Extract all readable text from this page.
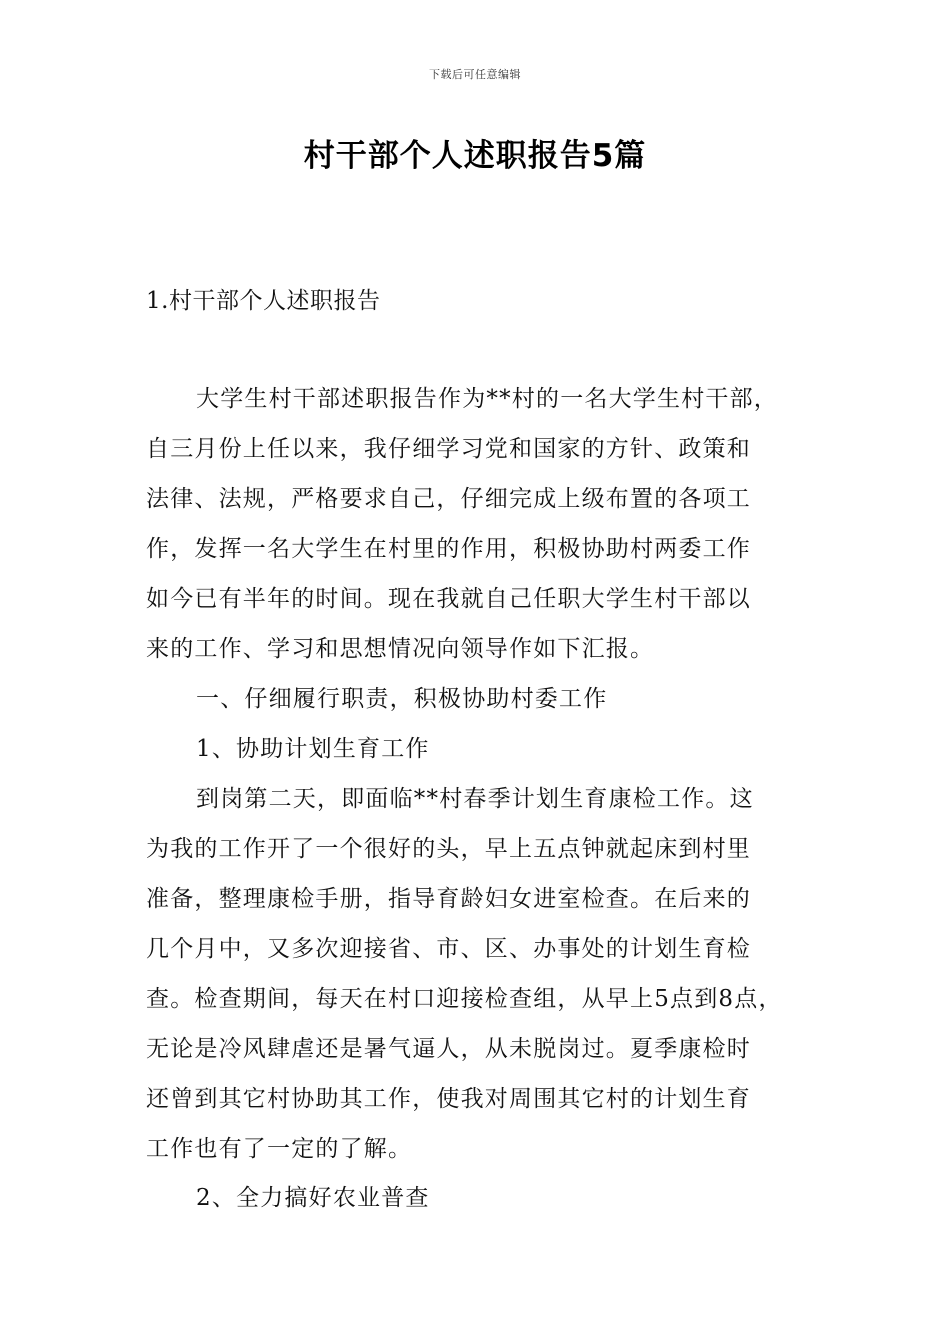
下载后可任意编辑
村干部个人述职报告5篇
1.村干部个人述职报告

大学生村干部述职报告作为**村的一名大学生村干部，
自三月份上任以来，我仔细学习党和国家的方针、政策和
法律、法规，严格要求自己，仔细完成上级布置的各项工
作，发挥一名大学生在村里的作用，积极协助村两委工作
如今已有半年的时间。现在我就自己任职大学生村干部以
来的工作、学习和思想情况向领导作如下汇报。

一、仔细履行职责，积极协助村委工作

1、协助计划生育工作

到岗第二天，即面临**村春季计划生育康检工作。这
为我的工作开了一个很好的头，早上五点钟就起床到村里
准备，整理康检手册，指导育龄妇女进室检查。在后来的
几个月中，又多次迎接省、市、区、办事处的计划生育检
查。检查期间，每天在村口迎接检查组，从早上5点到8点，
无论是冷风肆虐还是暑气逼人，从未脱岗过。夏季康检时
还曾到其它村协助其工作，使我对周围其它村的计划生育
工作也有了一定的了解。

2、全力搞好农业普查
